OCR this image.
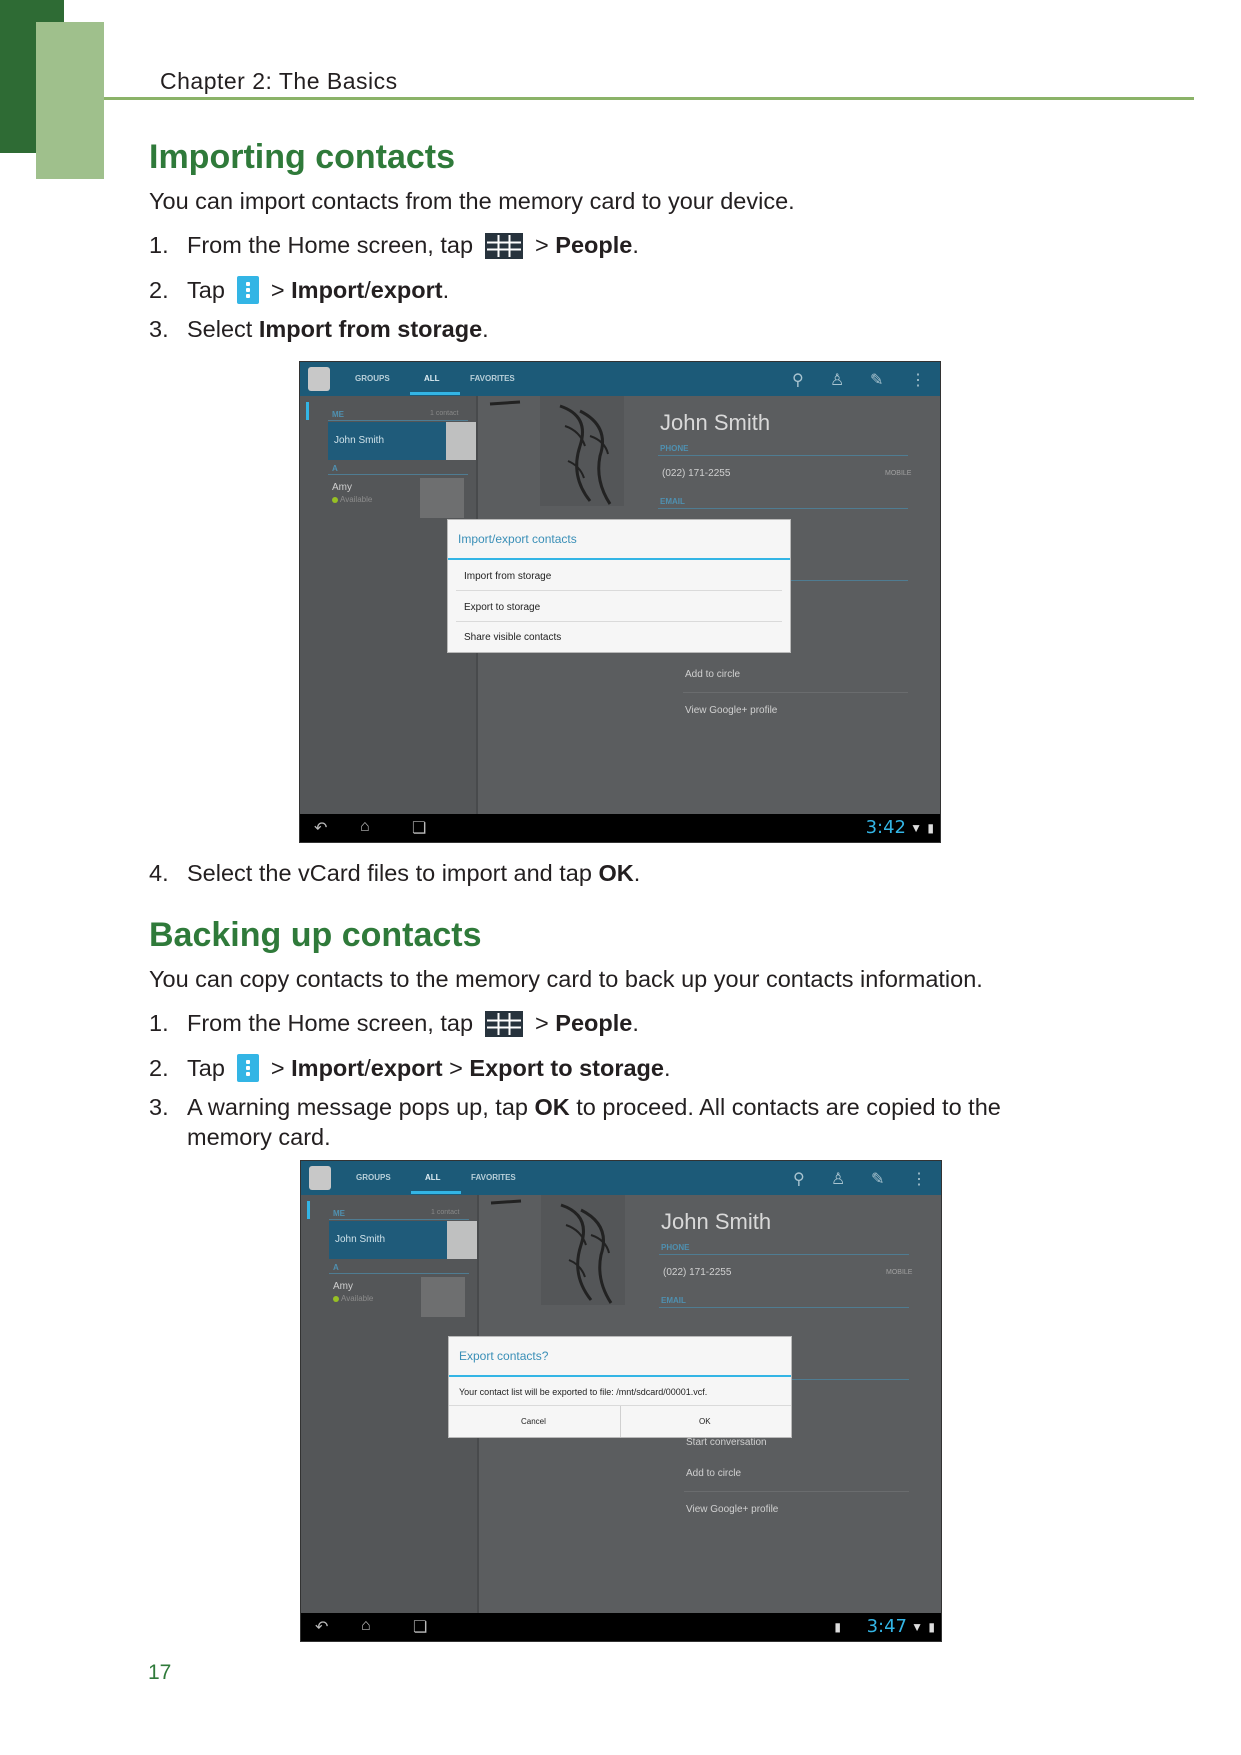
Chapter 2: The Basics
Importing contacts

You can import contacts from the memory card to your device.

1. From the Home screen, tap	>
People .
2. Tap >
Import / export .
3. Select
Import from storage .
GROUPS	ALL	FAVORITES	⚲ ♙ ✎ ⋮
ME	1 contact
John Smith
A
Amy
Available
John Smith
PHONE
(022) 171-2255	MOBILE
EMAIL
Add to circle
View Google+ profile
Import/export contacts
Import from storage
Export to storage
Share visible contacts
↶ ⌂	❏	3:42 ▼ ▮
4. Select the vCard files to import and tap
OK .
Backing up contacts

You can copy contacts to the memory card to back up your contacts information.

1. From the Home screen, tap	>
People .
2. Tap >
Import / export
>
Export to storage .
3. A warning message pops up, tap
OK
to proceed. All contacts are copied to the
memory card.
GROUPS	ALL	FAVORITES	⚲ ♙ ✎ ⋮
ME	1 contact
John Smith
A
Amy
Available
John Smith
PHONE
(022) 171-2255	MOBILE
EMAIL
Start conversation
Add to circle
View Google+ profile
Export contacts?
Your contact list will be exported to file: /mnt/sdcard/00001.vcf.
Cancel	OK
↶ ⌂	❏	▮ 3:47 ▼ ▮
17
